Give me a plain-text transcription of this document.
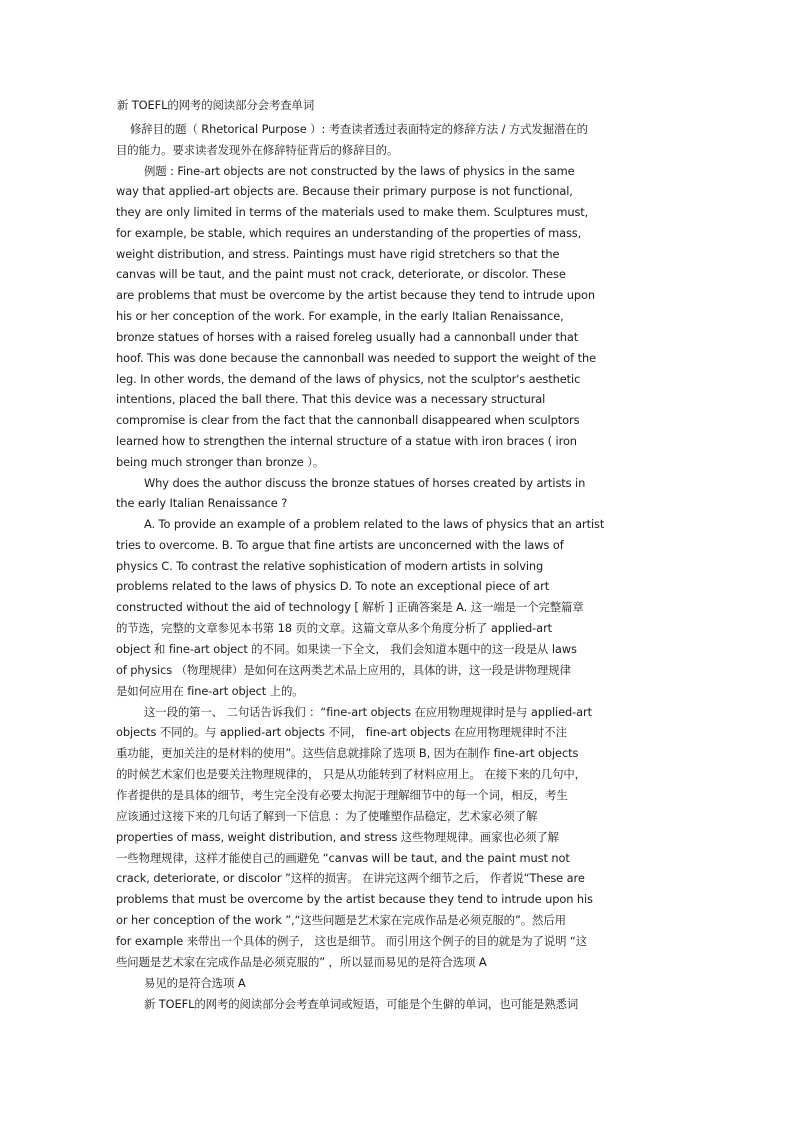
新 TOEFL的网考的阅读部分会考查单词
修辞目的题（ Rhetorical Purpose ）: 考查读者透过表面特定的修辞方法 / 方式发掘潜在的
目的能力。要求读者发现外在修辞特征背后的修辞目的。
例题 : Fine-art objects are not constructed by the laws of physics in the same
way that applied-art objects are. Because their primary purpose is not functional,
they are only limited in terms of the materials used to make them. Sculptures must,
for example, be stable, which requires an understanding of the properties of mass,
weight distribution, and stress. Paintings must have rigid stretchers so that the
canvas will be taut, and the paint must not crack, deteriorate, or discolor. These
are problems that must be overcome by the artist because they tend to intrude upon
his or her conception of the work. For example, in the early Italian Renaissance,
bronze statues of horses with a raised foreleg usually had a cannonball under that
hoof. This was done because the cannonball was needed to support the weight of the
leg. In other words, the demand of the laws of physics, not the sculptor's aesthetic
intentions, placed the ball there. That this device was a necessary structural
compromise is clear from the fact that the cannonball disappeared when sculptors
learned how to strengthen the internal structure of a statue with iron braces ( iron
being much stronger than bronze ）。
Why does the author discuss the bronze statues of horses created by artists in
the early Italian Renaissance ?
A. To provide an example of a problem related to the laws of physics that an artist
tries to overcome. B. To argue that fine artists are unconcerned with the laws of
physics C. To contrast the relative sophistication of modern artists in solving
problems related to the laws of physics D. To note an exceptional piece of art
constructed without the aid of technology [ 解析 ] 正确答案是 A. 这一端是一个完整篇章
的节选，完整的文章参见本书第 18 页的文章。这篇文章从多个角度分析了 applied-art
object 和 fine-art object 的不同。如果读一下全文， 我们会知道本题中的这一段是从 laws
of physics （物理规律）是如何在这两类艺术品上应用的，具体的讲，这一段是讲物理规律
是如何应用在 fine-art object 上的。
这一段的第一、 二句话告诉我们 ：“fine-art objects 在应用物理规律时是与 applied-art
objects 不同的。与 applied-art objects 不同， fine-art objects 在应用物理规律时不注
重功能，更加关注的是材料的使用”。这些信息就排除了选项 B, 因为在制作 fine-art objects
的时候艺术家们也是要关注物理规律的， 只是从功能转到了材料应用上。 在接下来的几句中，
作者提供的是具体的细节，考生完全没有必要太拘泥于理解细节中的每一个词，相反，考生
应该通过这接下来的几句话了解到一下信息 ：为了使雕塑作品稳定，艺术家必须了解
properties of mass, weight distribution, and stress 这些物理规律。画家也必须了解
一些物理规律，这样才能使自己的画避免 “canvas will be taut, and the paint must not
crack, deteriorate, or discolor ”这样的损害。 在讲完这两个细节之后， 作者说“These are
problems that must be overcome by the artist because they tend to intrude upon his
or her conception of the work ”,“这些问题是艺术家在完成作品是必须克服的”。然后用
for example 来带出一个具体的例子， 这也是细节。 而引用这个例子的目的就是为了说明 “这
些问题是艺术家在完成作品是必须克服的” ，所以显而易见的是符合选项 A
易见的是符合选项 A
新 TOEFL的网考的阅读部分会考查单词或短语，可能是个生僻的单词，也可能是熟悉词
